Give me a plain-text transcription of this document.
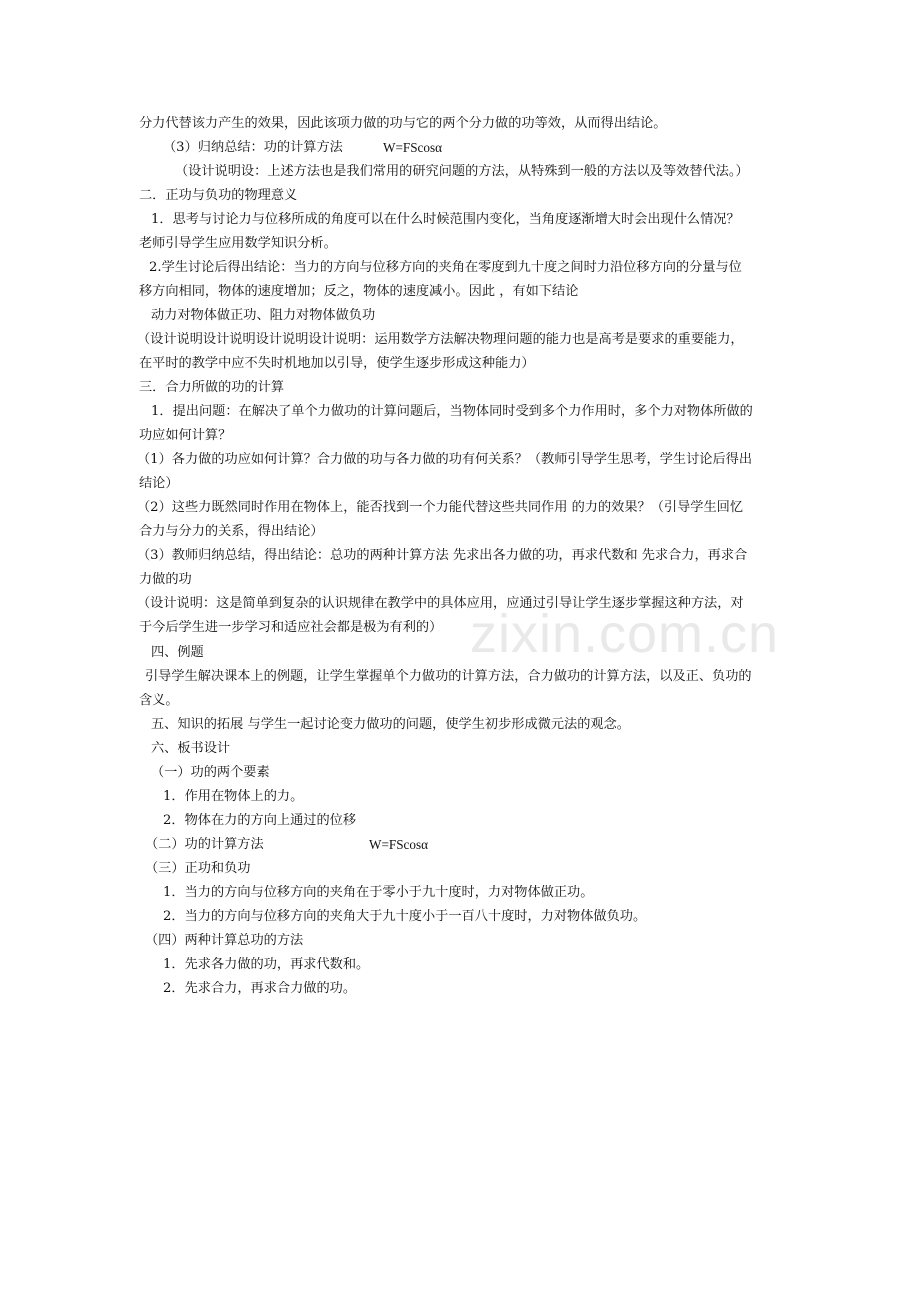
zixin.com.cn
分力代替该力产生的效果，因此该项力做的功与它的两个分力做的功等效，从而得出结论。
（3）归纳总结：功的计算方法	W=FScosα
（设计说明设：上述方法也是我们常用的研究问题的方法，从特殊到一般的方法以及等效替代法。）
二．正功与负功的物理意义
1．思考与讨论力与位移所成的角度可以在什么时候范围内变化，当角度逐渐增大时会出现什么情况？
老师引导学生应用数学知识分析。
2.学生讨论后得出结论：当力的方向与位移方向的夹角在零度到九十度之间时力沿位移方向的分量与位
移方向相同，物体的速度增加；反之，物体的速度减小。因此 ，有如下结论
动力对物体做正功、阻力对物体做负功
（设计说明设计说明设计说明设计说明：运用数学方法解决物理问题的能力也是高考是要求的重要能力，
在平时的教学中应不失时机地加以引导，使学生逐步形成这种能力）
三．合力所做的功的计算
1．提出问题：在解决了单个力做功的计算问题后，当物体同时受到多个力作用时，多个力对物体所做的
功应如何计算？
（1）各力做的功应如何计算？合力做的功与各力做的功有何关系？（教师引导学生思考，学生讨论后得出
结论）
（2）这些力既然同时作用在物体上，能否找到一个力能代替这些共同作用 的力的效果？（引导学生回忆
合力与分力的关系，得出结论）
（3）教师归纳总结，得出结论：总功的两种计算方法 先求出各力做的功，再求代数和 先求合力，再求合
力做的功
（设计说明：这是简单到复杂的认识规律在教学中的具体应用，应通过引导让学生逐步掌握这种方法，对
于今后学生进一步学习和适应社会都是极为有利的）
四、例题
引导学生解决课本上的例题，让学生掌握单个力做功的计算方法，合力做功的计算方法，以及正、负功的
含义。
五、知识的拓展 与学生一起讨论变力做功的问题，使学生初步形成微元法的观念。
六、板书设计
（一）功的两个要素
1．作用在物体上的力。
2．物体在力的方向上通过的位移
（二）功的计算方法	W=FScosα
（三）正功和负功
1．当力的方向与位移方向的夹角在于零小于九十度时，力对物体做正功。
2．当力的方向与位移方向的夹角大于九十度小于一百八十度时，力对物体做负功。
（四）两种计算总功的方法
1．先求各力做的功，再求代数和。
2．先求合力，再求合力做的功。
